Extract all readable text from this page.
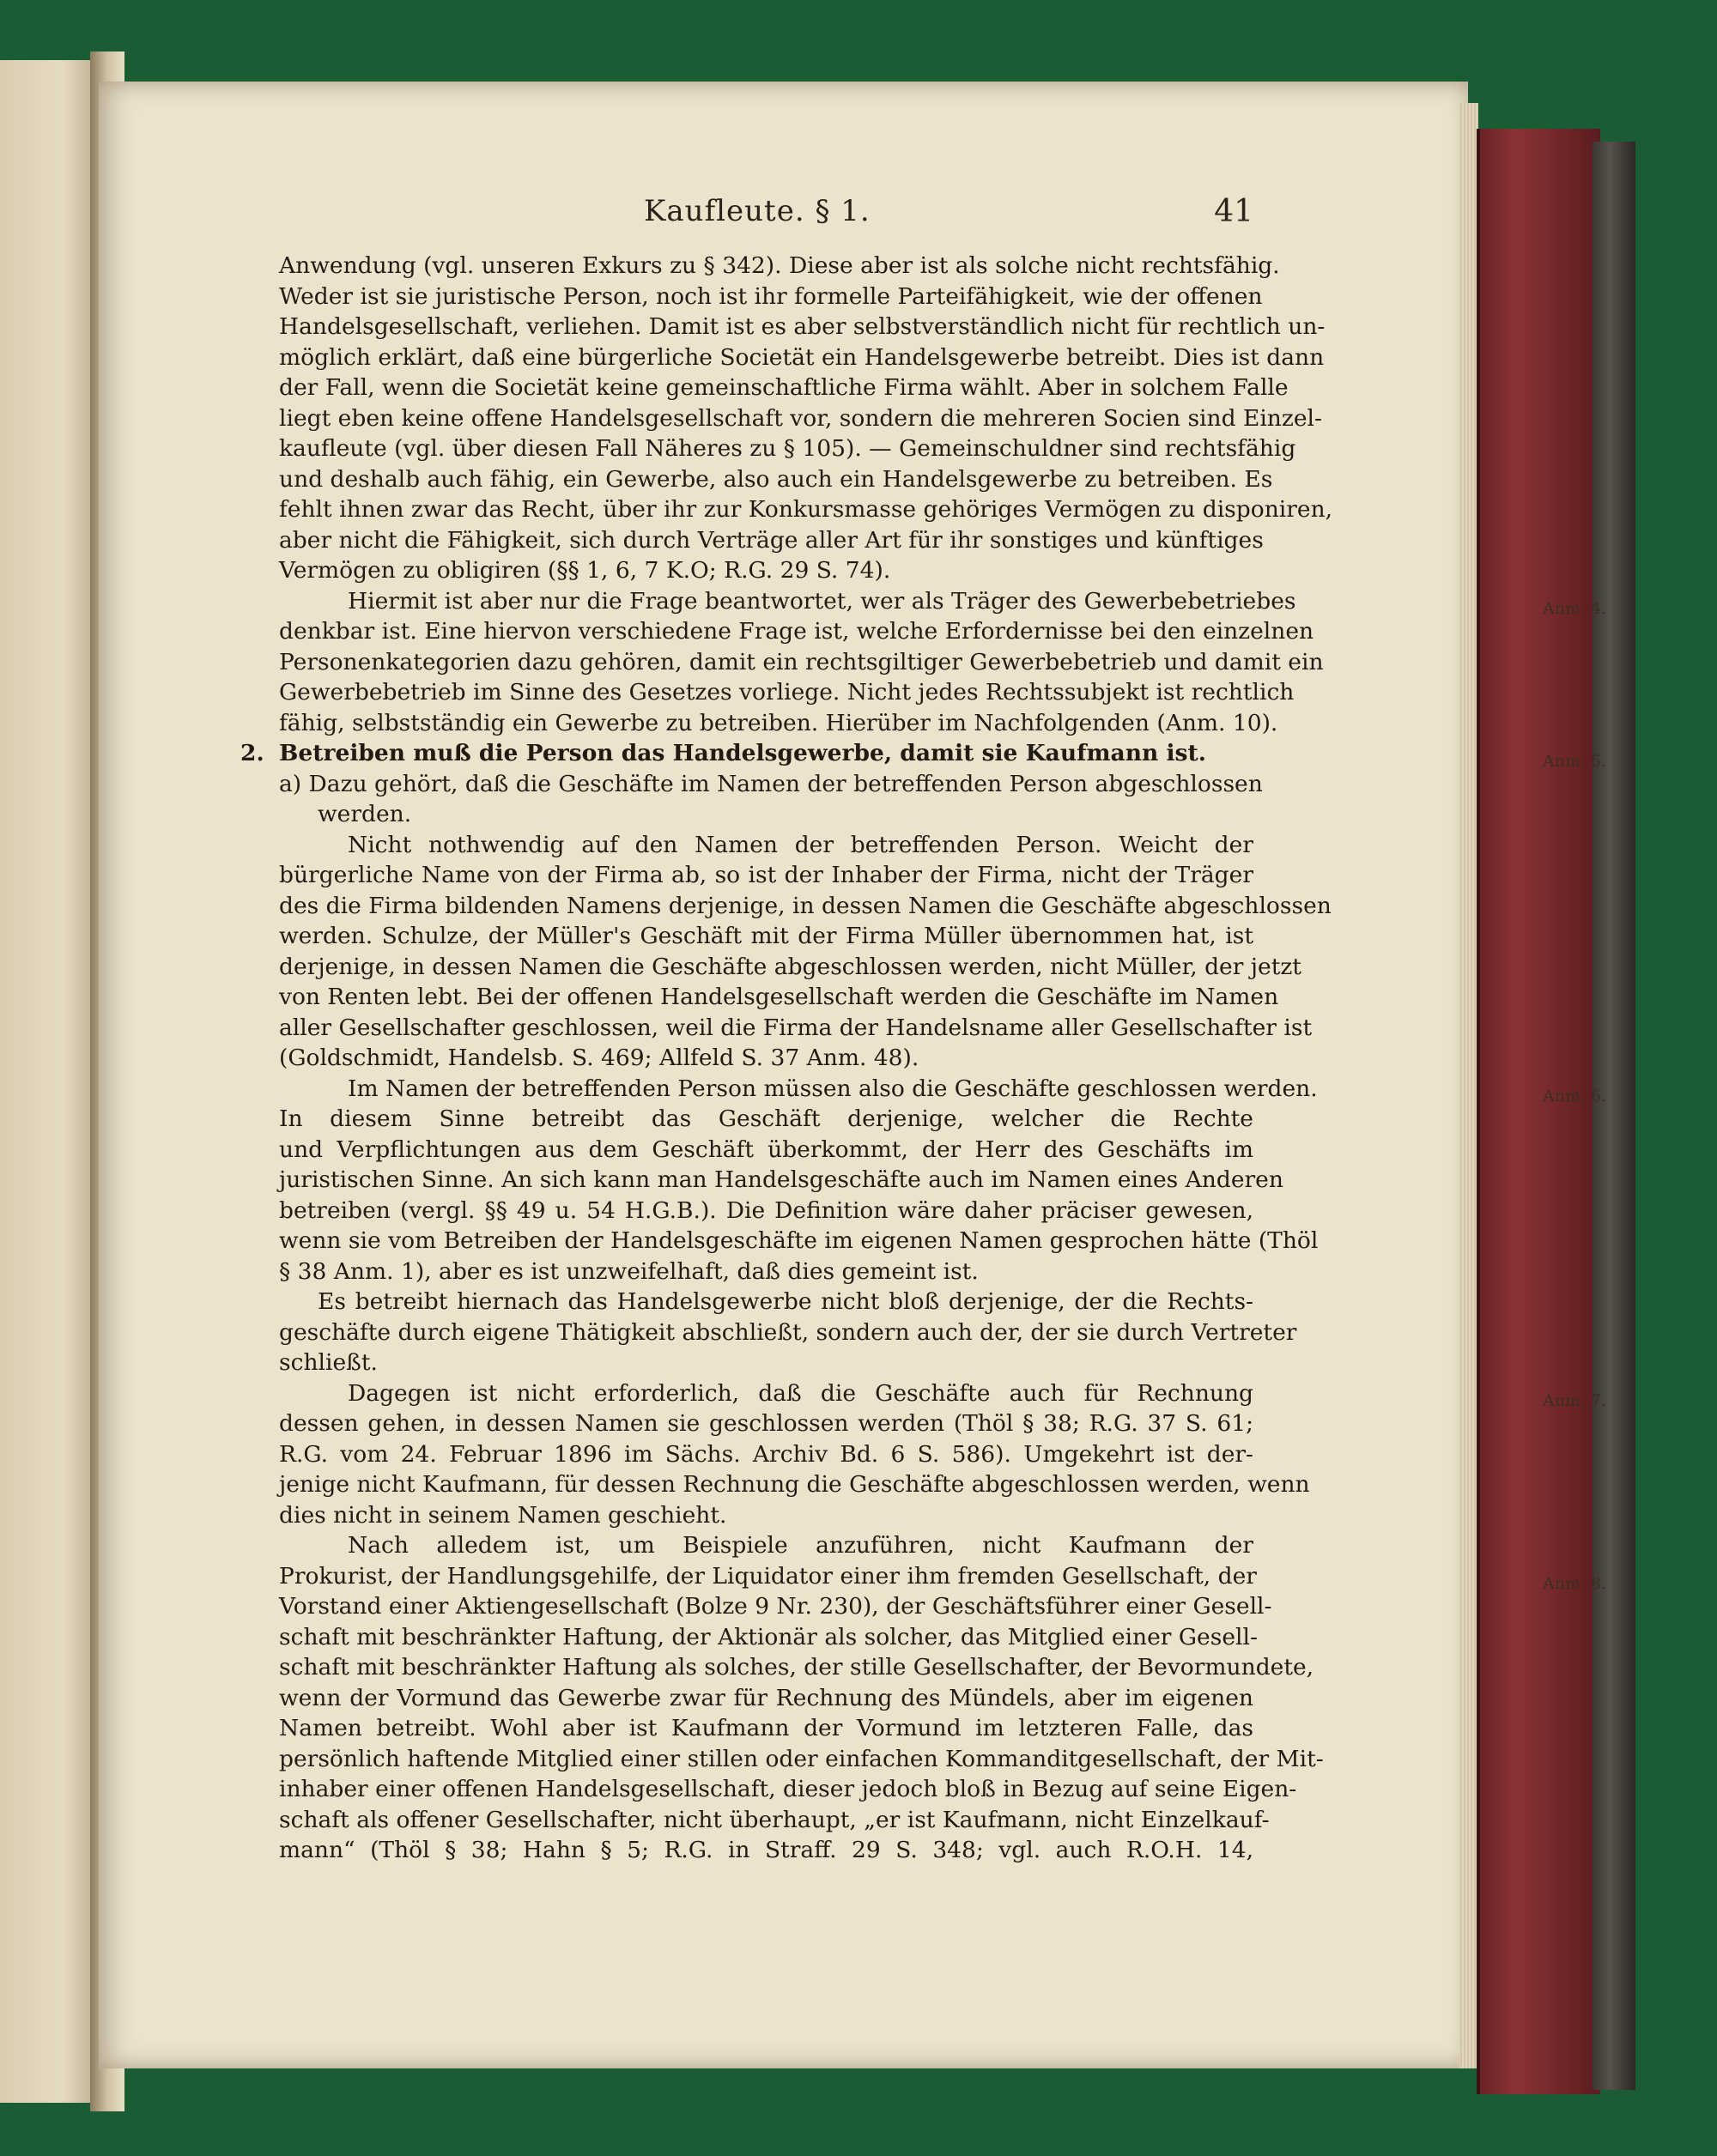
Kaufleute. § 1.	41
Anwendung (vgl. unseren Exkurs zu § 342). Diese aber ist als solche nicht rechtsfähig.
Weder ist sie juristische Person, noch ist ihr formelle Parteifähigkeit, wie der offenen
Handelsgesellschaft, verliehen. Damit ist es aber selbstverständlich nicht für rechtlich un-
möglich erklärt, daß eine bürgerliche Societät ein Handelsgewerbe betreibt. Dies ist dann
der Fall, wenn die Societät keine gemeinschaftliche Firma wählt. Aber in solchem Falle
liegt eben keine offene Handelsgesellschaft vor, sondern die mehreren Socien sind Einzel-
kaufleute (vgl. über diesen Fall Näheres zu § 105). — Gemeinschuldner sind rechtsfähig
und deshalb auch fähig, ein Gewerbe, also auch ein Handelsgewerbe zu betreiben. Es
fehlt ihnen zwar das Recht, über ihr zur Konkursmasse gehöriges Vermögen zu disponiren,
aber nicht die Fähigkeit, sich durch Verträge aller Art für ihr sonstiges und künftiges
Vermögen zu obligiren (§§ 1, 6, 7 K.O; R.G. 29 S. 74).
Hiermit ist aber nur die Frage beantwortet, wer als Träger des Gewerbebetriebes
denkbar ist. Eine hiervon verschiedene Frage ist, welche Erfordernisse bei den einzelnen
Personenkategorien dazu gehören, damit ein rechtsgiltiger Gewerbebetrieb und damit ein
Gewerbebetrieb im Sinne des Gesetzes vorliege. Nicht jedes Rechtssubjekt ist rechtlich
fähig, selbstständig ein Gewerbe zu betreiben. Hierüber im Nachfolgenden (Anm. 10).
2. Betreiben muß die Person das Handelsgewerbe, damit sie Kaufmann ist.
a) Dazu gehört, daß die Geschäfte im Namen der betreffenden Person abgeschlossen
werden.
Nicht nothwendig auf den Namen der betreffenden Person. Weicht der
bürgerliche Name von der Firma ab, so ist der Inhaber der Firma, nicht der Träger
des die Firma bildenden Namens derjenige, in dessen Namen die Geschäfte abgeschlossen
werden. Schulze, der Müller's Geschäft mit der Firma Müller übernommen hat, ist
derjenige, in dessen Namen die Geschäfte abgeschlossen werden, nicht Müller, der jetzt
von Renten lebt. Bei der offenen Handelsgesellschaft werden die Geschäfte im Namen
aller Gesellschafter geschlossen, weil die Firma der Handelsname aller Gesellschafter ist
(Goldschmidt, Handelsb. S. 469; Allfeld S. 37 Anm. 48).
Im Namen der betreffenden Person müssen also die Geschäfte geschlossen werden.
In diesem Sinne betreibt das Geschäft derjenige, welcher die Rechte
und Verpflichtungen aus dem Geschäft überkommt, der Herr des Geschäfts im
juristischen Sinne. An sich kann man Handelsgeschäfte auch im Namen eines Anderen
betreiben (vergl. §§ 49 u. 54 H.G.B.). Die Definition wäre daher präciser gewesen,
wenn sie vom Betreiben der Handelsgeschäfte im eigenen Namen gesprochen hätte (Thöl
§ 38 Anm. 1), aber es ist unzweifelhaft, daß dies gemeint ist.
Es betreibt hiernach das Handelsgewerbe nicht bloß derjenige, der die Rechts-
geschäfte durch eigene Thätigkeit abschließt, sondern auch der, der sie durch Vertreter
schließt.
Dagegen ist nicht erforderlich, daß die Geschäfte auch für Rechnung
dessen gehen, in dessen Namen sie geschlossen werden (Thöl § 38; R.G. 37 S. 61;
R.G. vom 24. Februar 1896 im Sächs. Archiv Bd. 6 S. 586). Umgekehrt ist der-
jenige nicht Kaufmann, für dessen Rechnung die Geschäfte abgeschlossen werden, wenn
dies nicht in seinem Namen geschieht.
Nach alledem ist, um Beispiele anzuführen, nicht Kaufmann der
Prokurist, der Handlungsgehilfe, der Liquidator einer ihm fremden Gesellschaft, der
Vorstand einer Aktiengesellschaft (Bolze 9 Nr. 230), der Geschäftsführer einer Gesell-
schaft mit beschränkter Haftung, der Aktionär als solcher, das Mitglied einer Gesell-
schaft mit beschränkter Haftung als solches, der stille Gesellschafter, der Bevormundete,
wenn der Vormund das Gewerbe zwar für Rechnung des Mündels, aber im eigenen
Namen betreibt. Wohl aber ist Kaufmann der Vormund im letzteren Falle, das
persönlich haftende Mitglied einer stillen oder einfachen Kommanditgesellschaft, der Mit-
inhaber einer offenen Handelsgesellschaft, dieser jedoch bloß in Bezug auf seine Eigen-
schaft als offener Gesellschafter, nicht überhaupt, „er ist Kaufmann, nicht Einzelkauf-
mann“ (Thöl § 38; Hahn § 5; R.G. in Straff. 29 S. 348; vgl. auch R.O.H. 14,
Anm. 4.
Anm. 5.
Anm. 6.
Anm. 7.
Anm. 8.
